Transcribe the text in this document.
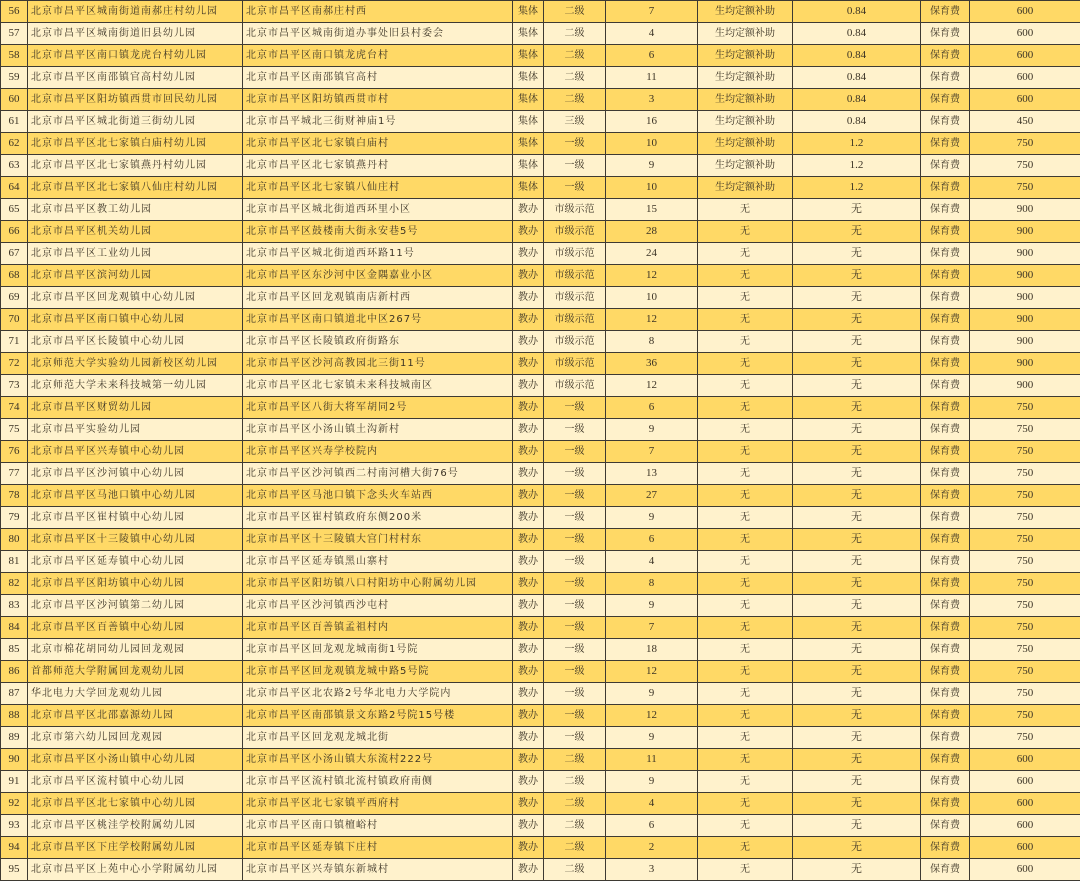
56	北京市昌平区城南街道南郝庄村幼儿园	北京市昌平区南郝庄村西	集体	二级	7	生均定额补助	0.84	保育费	600
57	北京市昌平区城南街道旧县幼儿园	北京市昌平区城南街道办事处旧县村委会	集体	二级	4	生均定额补助	0.84	保育费	600
58	北京市昌平区南口镇龙虎台村幼儿园	北京市昌平区南口镇龙虎台村	集体	二级	6	生均定额补助	0.84	保育费	600
59	北京市昌平区南邵镇官高村幼儿园	北京市昌平区南邵镇官高村	集体	二级	11	生均定额补助	0.84	保育费	600
60	北京市昌平区阳坊镇西贯市回民幼儿园	北京市昌平区阳坊镇西贯市村	集体	二级	3	生均定额补助	0.84	保育费	600
61	北京市昌平区城北街道三街幼儿园	北京市昌平城北三街财神庙1号	集体	三级	16	生均定额补助	0.84	保育费	450
62	北京市昌平区北七家镇白庙村幼儿园	北京市昌平区北七家镇白庙村	集体	一级	10	生均定额补助	1.2	保育费	750
63	北京市昌平区北七家镇燕丹村幼儿园	北京市昌平区北七家镇燕丹村	集体	一级	9	生均定额补助	1.2	保育费	750
64	北京市昌平区北七家镇八仙庄村幼儿园	北京市昌平区北七家镇八仙庄村	集体	一级	10	生均定额补助	1.2	保育费	750
65	北京市昌平区教工幼儿园	北京市昌平区城北街道西环里小区	教办	市级示范	15	无	无	保育费	900
66	北京市昌平区机关幼儿园	北京市昌平区鼓楼南大街永安巷5号	教办	市级示范	28	无	无	保育费	900
67	北京市昌平区工业幼儿园	北京市昌平区城北街道西环路11号	教办	市级示范	24	无	无	保育费	900
68	北京市昌平区滨河幼儿园	北京市昌平区东沙河中区金隅嘉业小区	教办	市级示范	12	无	无	保育费	900
69	北京市昌平区回龙观镇中心幼儿园	北京市昌平区回龙观镇南店新村西	教办	市级示范	10	无	无	保育费	900
70	北京市昌平区南口镇中心幼儿园	北京市昌平区南口镇道北中区267号	教办	市级示范	12	无	无	保育费	900
71	北京市昌平区长陵镇中心幼儿园	北京市昌平区长陵镇政府街路东	教办	市级示范	8	无	无	保育费	900
72	北京师范大学实验幼儿园新校区幼儿园	北京市昌平区沙河高教园北三街11号	教办	市级示范	36	无	无	保育费	900
73	北京师范大学未来科技城第一幼儿园	北京市昌平区北七家镇未来科技城南区	教办	市级示范	12	无	无	保育费	900
74	北京市昌平区财贸幼儿园	北京市昌平区八街大将军胡同2号	教办	一级	6	无	无	保育费	750
75	北京市昌平实验幼儿园	北京市昌平区小汤山镇土沟新村	教办	一级	9	无	无	保育费	750
76	北京市昌平区兴寿镇中心幼儿园	北京市昌平区兴寿学校院内	教办	一级	7	无	无	保育费	750
77	北京市昌平区沙河镇中心幼儿园	北京市昌平区沙河镇西二村南河槽大街76号	教办	一级	13	无	无	保育费	750
78	北京市昌平区马池口镇中心幼儿园	北京市昌平区马池口镇下念头火车站西	教办	一级	27	无	无	保育费	750
79	北京市昌平区崔村镇中心幼儿园	北京市昌平区崔村镇政府东侧200米	教办	一级	9	无	无	保育费	750
80	北京市昌平区十三陵镇中心幼儿园	北京市昌平区十三陵镇大宫门村村东	教办	一级	6	无	无	保育费	750
81	北京市昌平区延寿镇中心幼儿园	北京市昌平区延寿镇黑山寨村	教办	一级	4	无	无	保育费	750
82	北京市昌平区阳坊镇中心幼儿园	北京市昌平区阳坊镇八口村阳坊中心附属幼儿园	教办	一级	8	无	无	保育费	750
83	北京市昌平区沙河镇第二幼儿园	北京市昌平区沙河镇西沙屯村	教办	一级	9	无	无	保育费	750
84	北京市昌平区百善镇中心幼儿园	北京市昌平区百善镇孟祖村内	教办	一级	7	无	无	保育费	750
85	北京市棉花胡同幼儿园回龙观园	北京市昌平区回龙观龙城南街1号院	教办	一级	18	无	无	保育费	750
86	首都师范大学附属回龙观幼儿园	北京市昌平区回龙观镇龙城中路5号院	教办	一级	12	无	无	保育费	750
87	华北电力大学回龙观幼儿园	北京市昌平区北农路2号华北电力大学院内	教办	一级	9	无	无	保育费	750
88	北京市昌平区北邵嘉源幼儿园	北京市昌平区南邵镇景文东路2号院15号楼	教办	一级	12	无	无	保育费	750
89	北京市第六幼儿园回龙观园	北京市昌平区回龙观龙城北街	教办	一级	9	无	无	保育费	750
90	北京市昌平区小汤山镇中心幼儿园	北京市昌平区小汤山镇大东流村222号	教办	二级	11	无	无	保育费	600
91	北京市昌平区流村镇中心幼儿园	北京市昌平区流村镇北流村镇政府南侧	教办	二级	9	无	无	保育费	600
92	北京市昌平区北七家镇中心幼儿园	北京市昌平区北七家镇平西府村	教办	二级	4	无	无	保育费	600
93	北京市昌平区桃洼学校附属幼儿园	北京市昌平区南口镇檀峪村	教办	二级	6	无	无	保育费	600
94	北京市昌平区下庄学校附属幼儿园	北京市昌平区延寿镇下庄村	教办	二级	2	无	无	保育费	600
95	北京市昌平区上苑中心小学附属幼儿园	北京市昌平区兴寿镇东新城村	教办	二级	3	无	无	保育费	600
